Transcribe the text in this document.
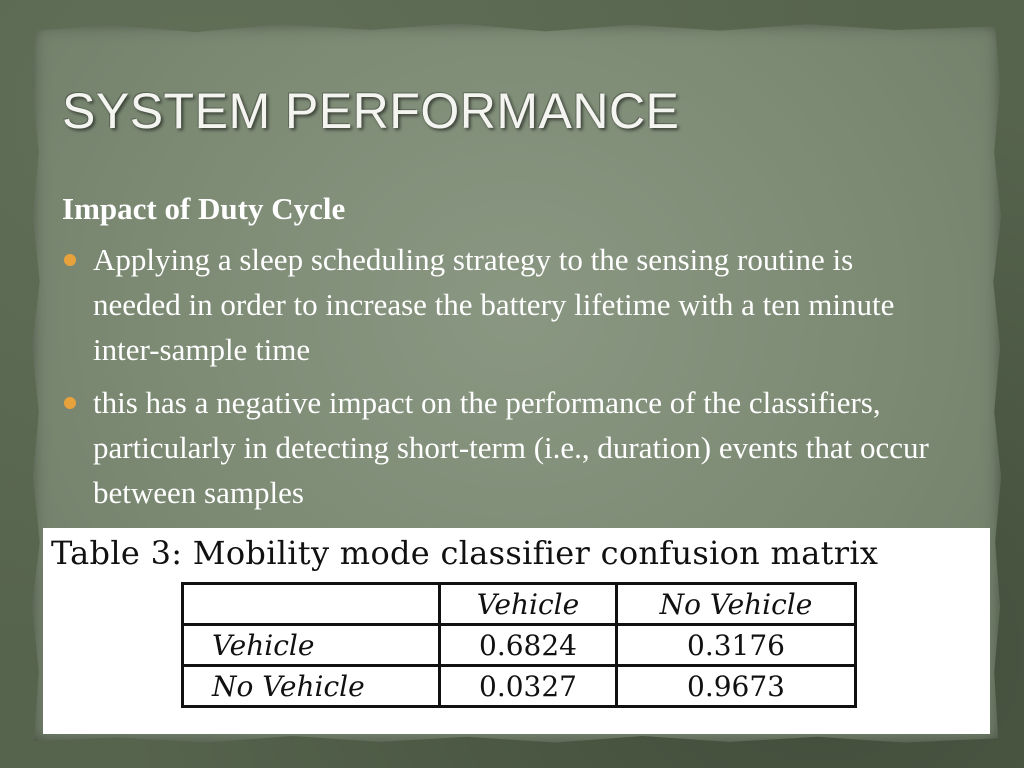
SYSTEM PERFORMANCE

Impact of Duty Cycle

Applying a sleep scheduling strategy to the sensing routine is needed in order to increase the battery lifetime with a ten minute inter-sample time

this has a negative impact on the performance of the classifiers, particularly in detecting short-term (i.e., duration) events that occur between samples

Table 3: Mobility mode classifier confusion matrix
	Vehicle	No Vehicle
Vehicle	0.6824	0.3176
No Vehicle	0.0327	0.9673
